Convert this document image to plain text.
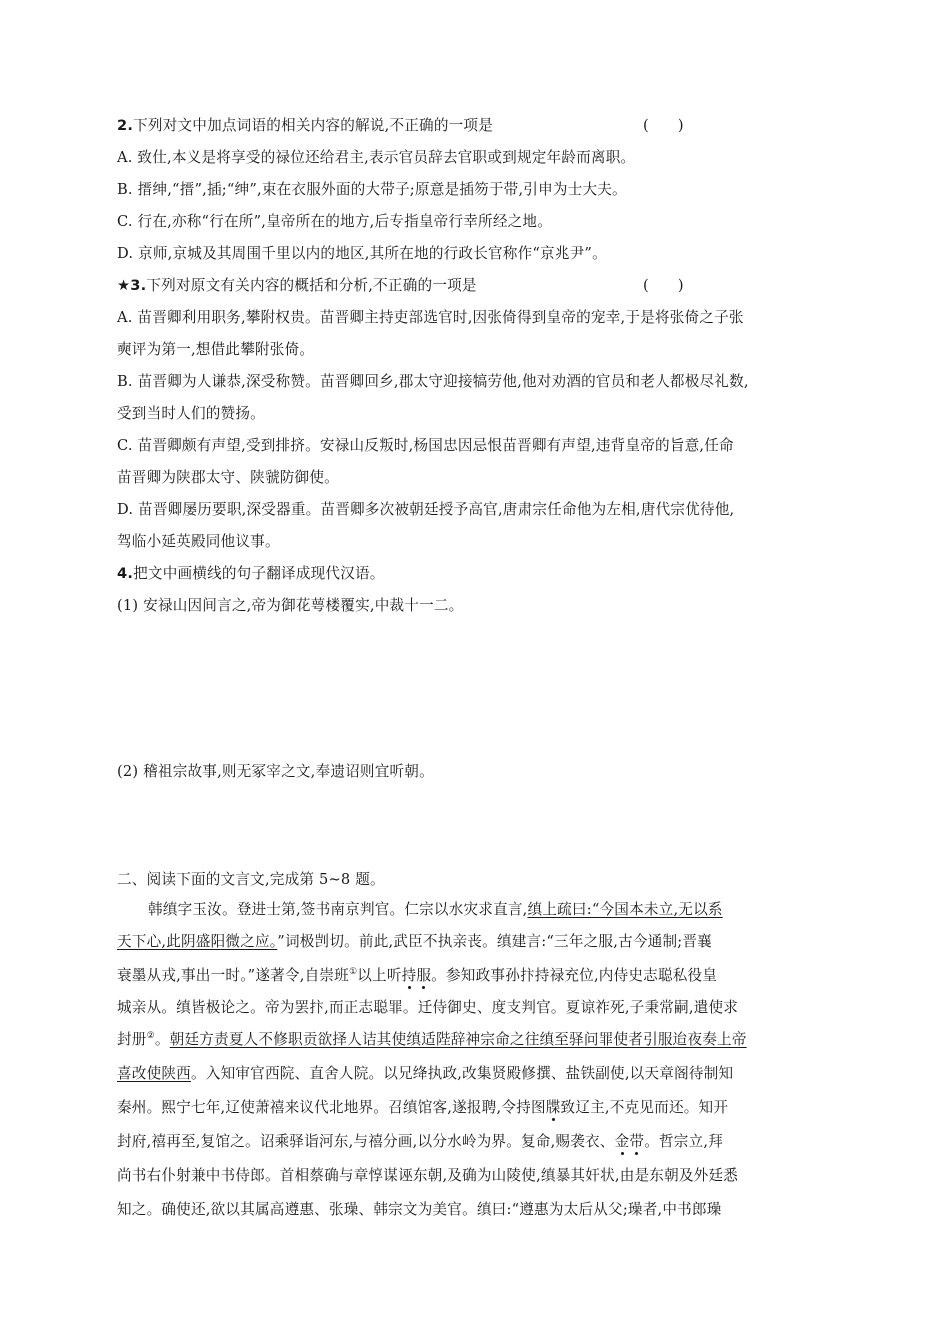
2.下列对文中加点词语的相关内容的解说,不正确的一项是	(　　)
A. 致仕,本义是将享受的禄位还给君主,表示官员辞去官职或到规定年龄而离职。
B. 搢绅,“搢”,插;“绅”,束在衣服外面的大带子;原意是插笏于带,引申为士大夫。
C. 行在,亦称“行在所”,皇帝所在的地方,后专指皇帝行幸所经之地。
D. 京师,京城及其周围千里以内的地区,其所在地的行政长官称作“京兆尹”。
★3.下列对原文有关内容的概括和分析,不正确的一项是	(　　)
A. 苗晋卿利用职务,攀附权贵。苗晋卿主持吏部选官时,因张倚得到皇帝的宠幸,于是将张倚之子张
奭评为第一,想借此攀附张倚。
B. 苗晋卿为人谦恭,深受称赞。苗晋卿回乡,郡太守迎接犒劳他,他对劝酒的官员和老人都极尽礼数,
受到当时人们的赞扬。
C. 苗晋卿颇有声望,受到排挤。安禄山反叛时,杨国忠因忌恨苗晋卿有声望,违背皇帝的旨意,任命
苗晋卿为陕郡太守、陕虢防御使。
D. 苗晋卿屡历要职,深受器重。苗晋卿多次被朝廷授予高官,唐肃宗任命他为左相,唐代宗优待他,
驾临小延英殿同他议事。
4.把文中画横线的句子翻译成现代汉语。
(1) 安禄山因间言之,帝为御花萼楼覆实,中裁十一二。
(2) 稽祖宗故事,则无冢宰之文,奉遗诏则宜听朝。
二、阅读下面的文言文,完成第 5~8 题。
韩缜字玉汝。登进士第,签书南京判官。仁宗以水灾求直言,缜上疏曰:“今国本未立,无以系
天下心,此阴盛阳微之应。”词极剀切。前此,武臣不执亲丧。缜建言:“三年之服,古今通制;晋襄
衰墨从戎,事出一时。”遂著令,自崇班①以上听持服。参知政事孙抃持禄充位,内侍史志聪私役皇
城亲从。缜皆极论之。帝为罢抃,而正志聪罪。迁侍御史、度支判官。夏谅祚死,子秉常嗣,遣使求
封册②。朝廷方责夏人不修职贡欲择人诘其使缜适陛辞神宗命之往缜至驿问罪使者引服迨夜奏上帝
喜改使陕西。入知审官西院、直舍人院。以兄绛执政,改集贤殿修撰、盐铁副使,以天章阁待制知
秦州。熙宁七年,辽使萧禧来议代北地界。召缜馆客,遂报聘,令持图牒致辽主,不克见而还。知开
封府,禧再至,复馆之。诏乘驿诣河东,与禧分画,以分水岭为界。复命,赐袭衣、金带。哲宗立,拜
尚书右仆射兼中书侍郎。首相蔡确与章惇谋诬东朝,及确为山陵使,缜暴其奸状,由是东朝及外廷悉
知之。确使还,欲以其属高遵惠、张璪、韩宗文为美官。缜曰:“遵惠为太后从父;璪者,中书郎璪
